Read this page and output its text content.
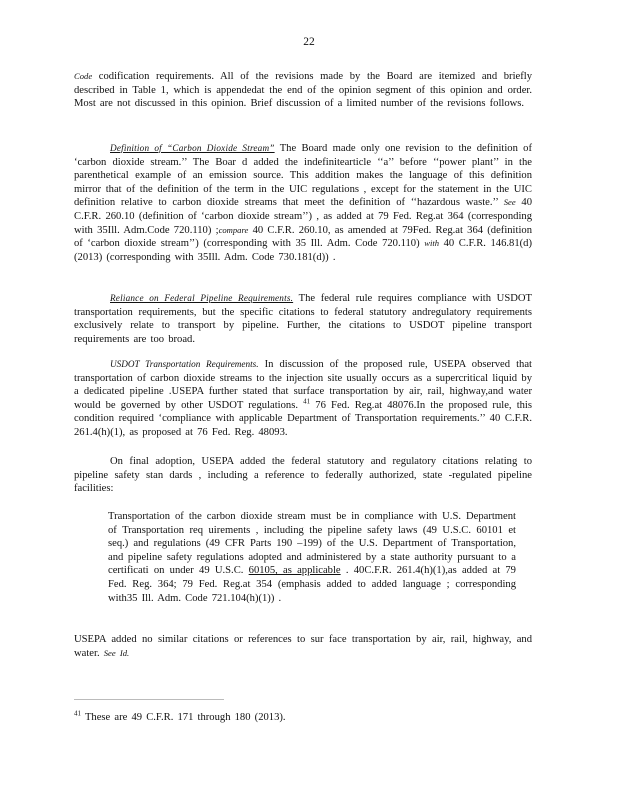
22

Code codification requirements. All of the revisions made by the Board are itemized and briefly described in Table 1, which is appendedat the end of the opinion segment of this opinion and order. Most are not discussed in this opinion. Brief discussion of a limited number of the revisions follows.

Definition of “Carbon Dioxide Stream” The Board made only one revision to the definition of ‘carbon dioxide stream.’’ The Boar d added the indefinitearticle ‘‘a’’ before ‘‘power plant’’ in the parenthetical example of an emission source. This addition makes the language of this definition mirror that of the definition of the term in the UIC regulations , except for the statement in the UIC definition relative to carbon dioxide streams that meet the definition of ‘‘hazardous waste.’’ See 40 C.F.R. 260.10 (definition of ‘carbon dioxide stream’’) , as added at 79 Fed. Reg.at 364 (corresponding with 35Ill. Adm.Code 720.110) ;compare 40 C.F.R. 260.10, as amended at 79Fed. Reg.at 364 (definition of ‘carbon dioxide stream’’) (corresponding with 35 Ill. Adm. Code 720.110) with 40 C.F.R. 146.81(d) (2013) (corresponding with 35Ill. Adm. Code 730.181(d)) .

Reliance on Federal Pipeline Requirements. The federal rule requires compliance with USDOT transportation requirements, but the specific citations to federal statutory andregulatory requirements exclusively relate to transport by pipeline. Further, the citations to USDOT pipeline transport requirements are too broad.

USDOT Transportation Requirements. In discussion of the proposed rule, USEPA observed that transportation of carbon dioxide streams to the injection site usually occurs as a supercritical liquid by a dedicated pipeline .USEPA further stated that surface transportation by air, rail, highway,and water would be governed by other USDOT regulations. $^{41}$ 76 Fed. Reg.at 48076.In the proposed rule, this condition required ‘compliance with applicable Department of Transportation requirements.’’ 40 C.F.R. 261.4(h)(1), as proposed at 76 Fed. Reg. 48093.

On final adoption, USEPA added the federal statutory and regulatory citations relating to pipeline safety stan dards , including a reference to federally authorized, state -regulated pipeline facilities:

Transportation of the carbon dioxide stream must be in compliance with U.S. Department of Transportation req uirements , including the pipeline safety laws (49 U.S.C. 60101 et seq.) and regulations (49 CFR Parts 190 –199) of the U.S. Department of Transportation, and pipeline safety regulations adopted and administered by a state authority pursuant to a certificati on under 49 U.S.C. 60105, as applicable . 40C.F.R. 261.4(h)(1),as added at 79 Fed. Reg. 364; 79 Fed. Reg.at 354 (emphasis added to added language ; corresponding with35 Ill. Adm. Code 721.104(h)(1)) .

USEPA added no similar citations or references to sur face transportation by air, rail, highway, and water. See Id.

$^{41}$ These are 49 C.F.R. 171 through 180 (2013).
